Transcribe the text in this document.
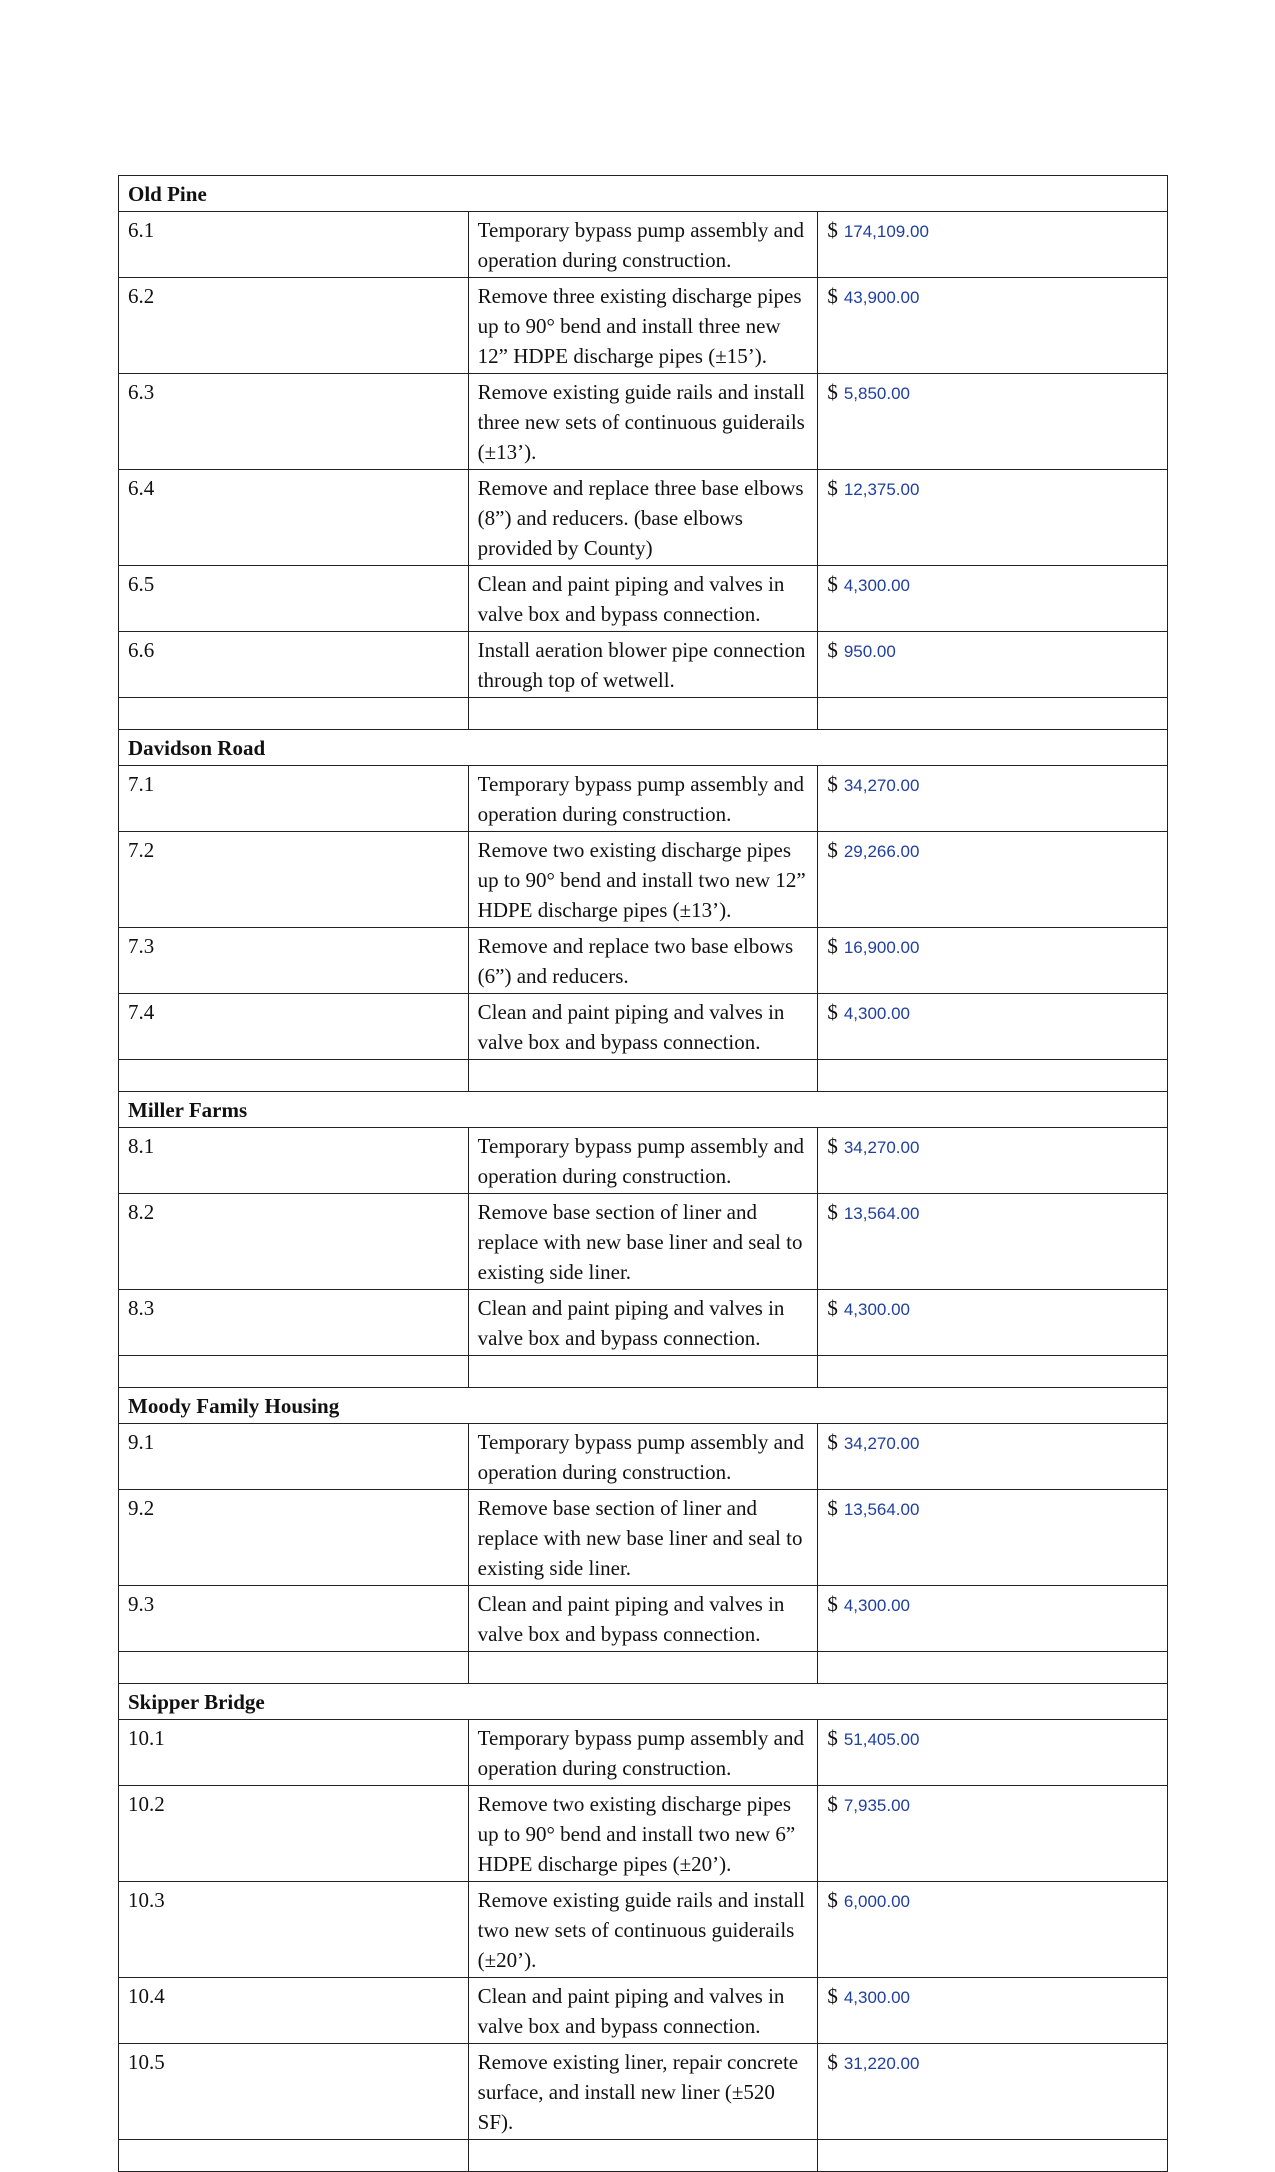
Old Pine		
6.1	Temporary bypass pump assembly and operation during construction.	$ 174,109.00
6.2	Remove three existing discharge pipes up to 90° bend and install three new 12” HDPE discharge pipes (±15’).	$ 43,900.00
6.3	Remove existing guide rails and install three new sets of continuous guiderails (±13’).	$ 5,850.00
6.4	Remove and replace three base elbows (8”) and reducers. (base elbows provided by County)	$ 12,375.00
6.5	Clean and paint piping and valves in valve box and bypass connection.	$ 4,300.00
6.6	Install aeration blower pipe connection through top of wetwell.	$ 950.00

Davidson Road		
7.1	Temporary bypass pump assembly and operation during construction.	$ 34,270.00
7.2	Remove two existing discharge pipes up to 90° bend and install two new 12” HDPE discharge pipes (±13’).	$ 29,266.00
7.3	Remove and replace two base elbows (6”) and reducers.	$ 16,900.00
7.4	Clean and paint piping and valves in valve box and bypass connection.	$ 4,300.00

Miller Farms		
8.1	Temporary bypass pump assembly and operation during construction.	$ 34,270.00
8.2	Remove base section of liner and replace with new base liner and seal to existing side liner.	$ 13,564.00
8.3	Clean and paint piping and valves in valve box and bypass connection.	$ 4,300.00

Moody Family Housing		
9.1	Temporary bypass pump assembly and operation during construction.	$ 34,270.00
9.2	Remove base section of liner and replace with new base liner and seal to existing side liner.	$ 13,564.00
9.3	Clean and paint piping and valves in valve box and bypass connection.	$ 4,300.00

Skipper Bridge		
10.1	Temporary bypass pump assembly and operation during construction.	$ 51,405.00
10.2	Remove two existing discharge pipes up to 90° bend and install two new 6” HDPE discharge pipes (±20’).	$ 7,935.00
10.3	Remove existing guide rails and install two new sets of continuous guiderails (±20’).	$ 6,000.00
10.4	Clean and paint piping and valves in valve box and bypass connection.	$ 4,300.00
10.5	Remove existing liner, repair concrete surface, and install new liner (±520 SF).	$ 31,220.00
